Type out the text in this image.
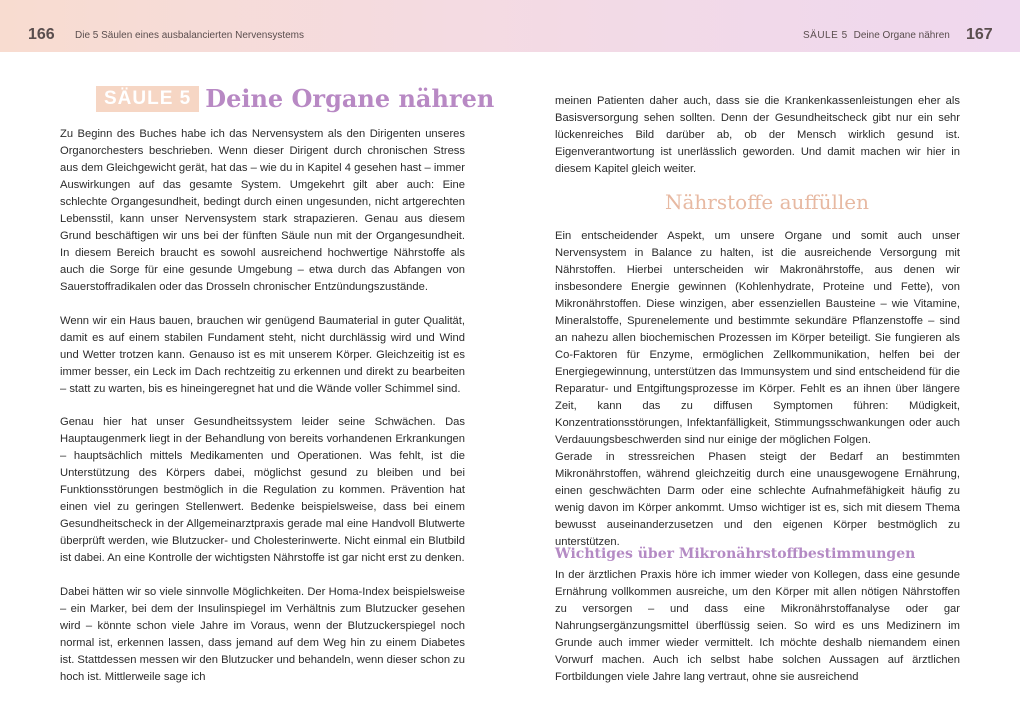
166 Die 5 Säulen eines ausbalancierten Nervensystems	SÄULE 5 Deine Organe nähren 167
SÄULE 5 Deine Organe nähren

Zu Beginn des Buches habe ich das Nervensystem als den Dirigenten unseres Organorchesters beschrieben. Wenn dieser Dirigent durch chronischen Stress aus dem Gleichgewicht gerät, hat das – wie du in Kapitel 4 gesehen hast – immer Auswirkungen auf das gesamte System. Umgekehrt gilt aber auch: Eine schlechte Organgesundheit, bedingt durch einen ungesunden, nicht artgerechten Lebensstil, kann unser Nervensystem stark strapazieren. Genau aus diesem Grund beschäftigen wir uns bei der fünften Säule nun mit der Organgesundheit. In diesem Bereich braucht es sowohl ausreichend hochwertige Nährstoffe als auch die Sorge für eine gesunde Umgebung – etwa durch das Abfangen von Sauerstoffradikalen oder das Drosseln chronischer Entzündungszustände.

Wenn wir ein Haus bauen, brauchen wir genügend Baumaterial in guter Qualität, damit es auf einem stabilen Fundament steht, nicht durchlässig wird und Wind und Wetter trotzen kann. Genauso ist es mit unserem Körper. Gleichzeitig ist es immer besser, ein Leck im Dach rechtzeitig zu erkennen und direkt zu bearbeiten – statt zu warten, bis es hineingeregnet hat und die Wände voller Schimmel sind.

Genau hier hat unser Gesundheitssystem leider seine Schwächen. Das Hauptaugenmerk liegt in der Behandlung von bereits vorhandenen Erkrankungen – hauptsächlich mittels Medikamenten und Operationen. Was fehlt, ist die Unterstützung des Körpers dabei, möglichst gesund zu bleiben und bei Funktionsstörungen bestmöglich in die Regulation zu kommen. Prävention hat einen viel zu geringen Stellenwert. Bedenke beispielsweise, dass bei einem Gesundheitscheck in der Allgemeinarztpraxis gerade mal eine Handvoll Blutwerte überprüft werden, wie Blutzucker- und Cholesterinwerte. Nicht einmal ein Blutbild ist dabei. An eine Kontrolle der wichtigsten Nährstoffe ist gar nicht erst zu denken.

Dabei hätten wir so viele sinnvolle Möglichkeiten. Der Homa-Index beispielsweise – ein Marker, bei dem der Insulinspiegel im Verhältnis zum Blutzucker gesehen wird – könnte schon viele Jahre im Voraus, wenn der Blutzuckerspiegel noch normal ist, erkennen lassen, dass jemand auf dem Weg hin zu einem Diabetes ist. Stattdessen messen wir den Blutzucker und behandeln, wenn dieser schon zu hoch ist. Mittlerweile sage ich

meinen Patienten daher auch, dass sie die Krankenkassenleistungen eher als Basisversorgung sehen sollten. Denn der Gesundheitscheck gibt nur ein sehr lückenreiches Bild darüber ab, ob der Mensch wirklich gesund ist. Eigenverantwortung ist unerlässlich geworden. Und damit machen wir hier in diesem Kapitel gleich weiter.

Nährstoffe auffüllen

Ein entscheidender Aspekt, um unsere Organe und somit auch unser Nervensystem in Balance zu halten, ist die ausreichende Versorgung mit Nährstoffen. Hierbei unterscheiden wir Makronährstoffe, aus denen wir insbesondere Energie gewinnen (Kohlenhydrate, Proteine und Fette), von Mikronährstoffen. Diese winzigen, aber essenziellen Bausteine – wie Vitamine, Mineralstoffe, Spurenelemente und bestimmte sekundäre Pflanzenstoffe – sind an nahezu allen biochemischen Prozessen im Körper beteiligt. Sie fungieren als Co-Faktoren für Enzyme, ermöglichen Zellkommunikation, helfen bei der Energiegewinnung, unterstützen das Immunsystem und sind entscheidend für die Reparatur- und Entgiftungsprozesse im Körper. Fehlt es an ihnen über längere Zeit, kann das zu diffusen Symptomen führen: Müdigkeit, Konzentrationsstörungen, Infektanfälligkeit, Stimmungsschwankungen oder auch Verdauungsbeschwerden sind nur einige der möglichen Folgen.

Gerade in stressreichen Phasen steigt der Bedarf an bestimmten Mikronährstoffen, während gleichzeitig durch eine unausgewogene Ernährung, einen geschwächten Darm oder eine schlechte Aufnahmefähigkeit häufig zu wenig davon im Körper ankommt. Umso wichtiger ist es, sich mit diesem Thema bewusst auseinanderzusetzen und den eigenen Körper bestmöglich zu unterstützen.

Wichtiges über Mikronährstoffbestimmungen

In der ärztlichen Praxis höre ich immer wieder von Kollegen, dass eine gesunde Ernährung vollkommen ausreiche, um den Körper mit allen nötigen Nährstoffen zu versorgen – und dass eine Mikronährstoffanalyse oder gar Nahrungsergänzungsmittel überflüssig seien. So wird es uns Medizinern im Grunde auch immer wieder vermittelt. Ich möchte deshalb niemandem einen Vorwurf machen. Auch ich selbst habe solchen Aussagen auf ärztlichen Fortbildungen viele Jahre lang vertraut, ohne sie ausreichend
